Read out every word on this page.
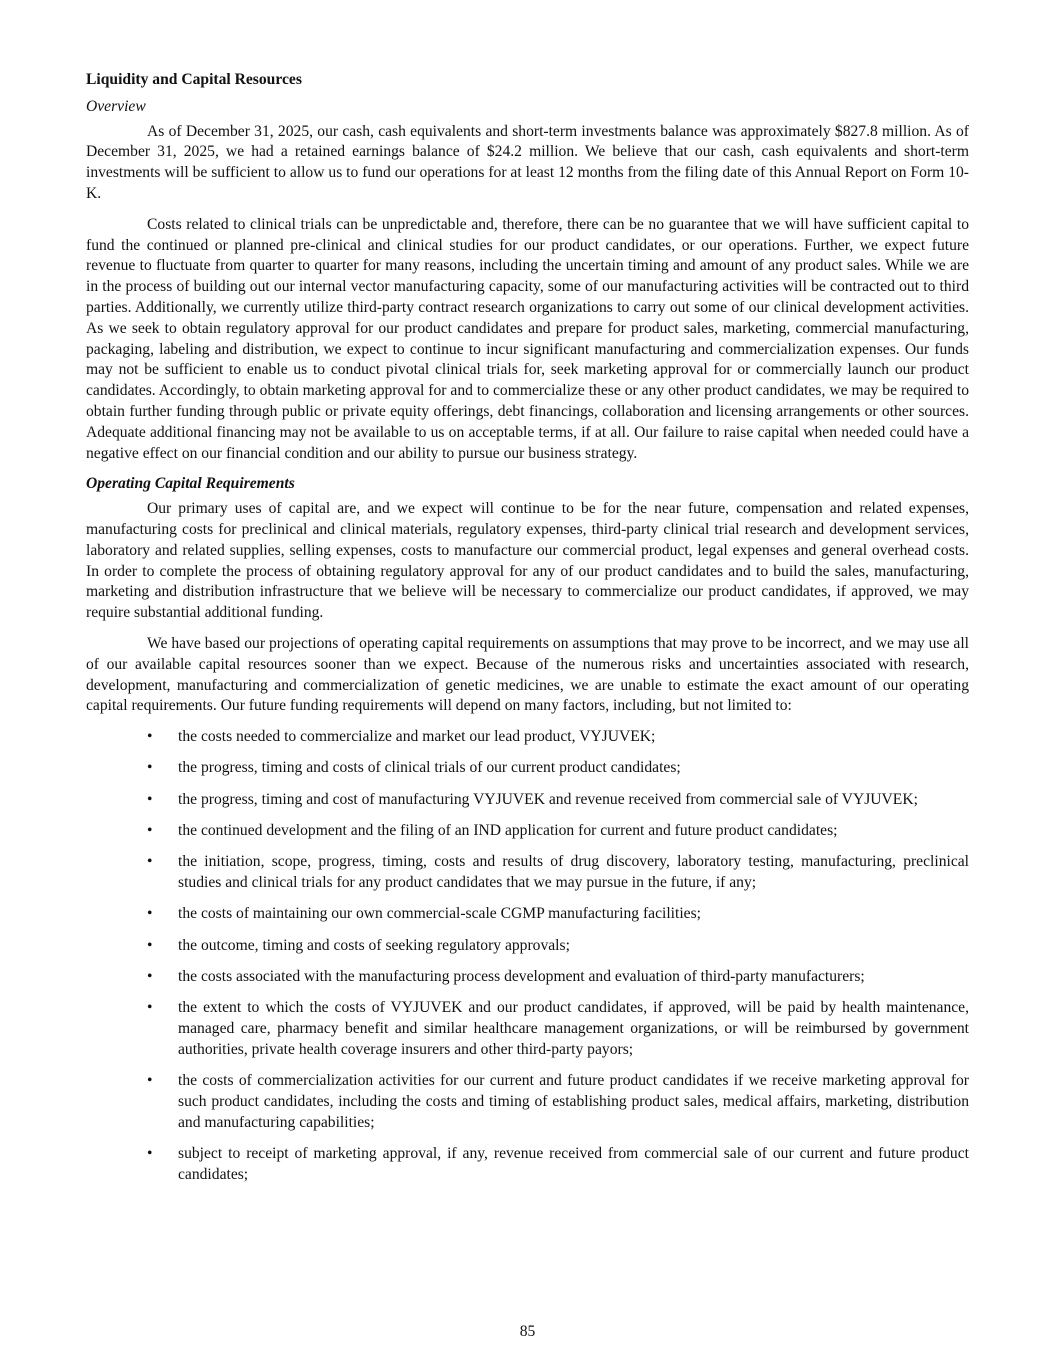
Liquidity and Capital Resources
Overview

As of December 31, 2025, our cash, cash equivalents and short-term investments balance was approximately $827.8 million. As of December 31, 2025, we had a retained earnings balance of $24.2 million. We believe that our cash, cash equivalents and short-term investments will be sufficient to allow us to fund our operations for at least 12 months from the filing date of this Annual Report on Form 10-K.

Costs related to clinical trials can be unpredictable and, therefore, there can be no guarantee that we will have sufficient capital to fund the continued or planned pre-clinical and clinical studies for our product candidates, or our operations. Further, we expect future revenue to fluctuate from quarter to quarter for many reasons, including the uncertain timing and amount of any product sales. While we are in the process of building out our internal vector manufacturing capacity, some of our manufacturing activities will be contracted out to third parties. Additionally, we currently utilize third-party contract research organizations to carry out some of our clinical development activities. As we seek to obtain regulatory approval for our product candidates and prepare for product sales, marketing, commercial manufacturing, packaging, labeling and distribution, we expect to continue to incur significant manufacturing and commercialization expenses. Our funds may not be sufficient to enable us to conduct pivotal clinical trials for, seek marketing approval for or commercially launch our product candidates. Accordingly, to obtain marketing approval for and to commercialize these or any other product candidates, we may be required to obtain further funding through public or private equity offerings, debt financings, collaboration and licensing arrangements or other sources. Adequate additional financing may not be available to us on acceptable terms, if at all. Our failure to raise capital when needed could have a negative effect on our financial condition and our ability to pursue our business strategy.

Operating Capital Requirements

Our primary uses of capital are, and we expect will continue to be for the near future, compensation and related expenses, manufacturing costs for preclinical and clinical materials, regulatory expenses, third-party clinical trial research and development services, laboratory and related supplies, selling expenses, costs to manufacture our commercial product, legal expenses and general overhead costs. In order to complete the process of obtaining regulatory approval for any of our product candidates and to build the sales, manufacturing, marketing and distribution infrastructure that we believe will be necessary to commercialize our product candidates, if approved, we may require substantial additional funding.

We have based our projections of operating capital requirements on assumptions that may prove to be incorrect, and we may use all of our available capital resources sooner than we expect. Because of the numerous risks and uncertainties associated with research, development, manufacturing and commercialization of genetic medicines, we are unable to estimate the exact amount of our operating capital requirements. Our future funding requirements will depend on many factors, including, but not limited to:

• the costs needed to commercialize and market our lead product, VYJUVEK;
• the progress, timing and costs of clinical trials of our current product candidates;
• the progress, timing and cost of manufacturing VYJUVEK and revenue received from commercial sale of VYJUVEK;
• the continued development and the filing of an IND application for current and future product candidates;
• the initiation, scope, progress, timing, costs and results of drug discovery, laboratory testing, manufacturing, preclinical studies and clinical trials for any product candidates that we may pursue in the future, if any;
• the costs of maintaining our own commercial-scale CGMP manufacturing facilities;
• the outcome, timing and costs of seeking regulatory approvals;
• the costs associated with the manufacturing process development and evaluation of third-party manufacturers;
• the extent to which the costs of VYJUVEK and our product candidates, if approved, will be paid by health maintenance, managed care, pharmacy benefit and similar healthcare management organizations, or will be reimbursed by government authorities, private health coverage insurers and other third-party payors;
• the costs of commercialization activities for our current and future product candidates if we receive marketing approval for such product candidates, including the costs and timing of establishing product sales, medical affairs, marketing, distribution and manufacturing capabilities;
• subject to receipt of marketing approval, if any, revenue received from commercial sale of our current and future product candidates;
85
